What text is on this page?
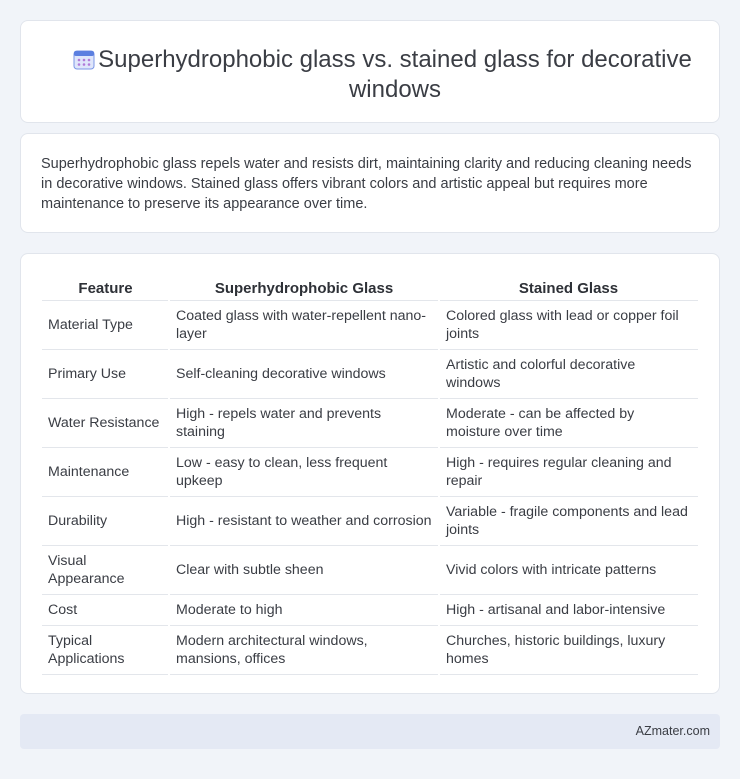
Superhydrophobic glass vs. stained glass for decorative windows

Superhydrophobic glass repels water and resists dirt, maintaining clarity and reducing cleaning needs in decorative windows. Stained glass offers vibrant colors and artistic appeal but requires more maintenance to preserve its appearance over time.

Feature	Superhydrophobic Glass	Stained Glass
Material Type	Coated glass with water-repellent nano-layer	Colored glass with lead or copper foil joints
Primary Use	Self-cleaning decorative windows	Artistic and colorful decorative windows
Water Resistance	High - repels water and prevents staining	Moderate - can be affected by moisture over time
Maintenance	Low - easy to clean, less frequent upkeep	High - requires regular cleaning and repair
Durability	High - resistant to weather and corrosion	Variable - fragile components and lead joints
Visual Appearance	Clear with subtle sheen	Vivid colors with intricate patterns
Cost	Moderate to high	High - artisanal and labor-intensive
Typical Applications	Modern architectural windows, mansions, offices	Churches, historic buildings, luxury homes
AZmater.com
